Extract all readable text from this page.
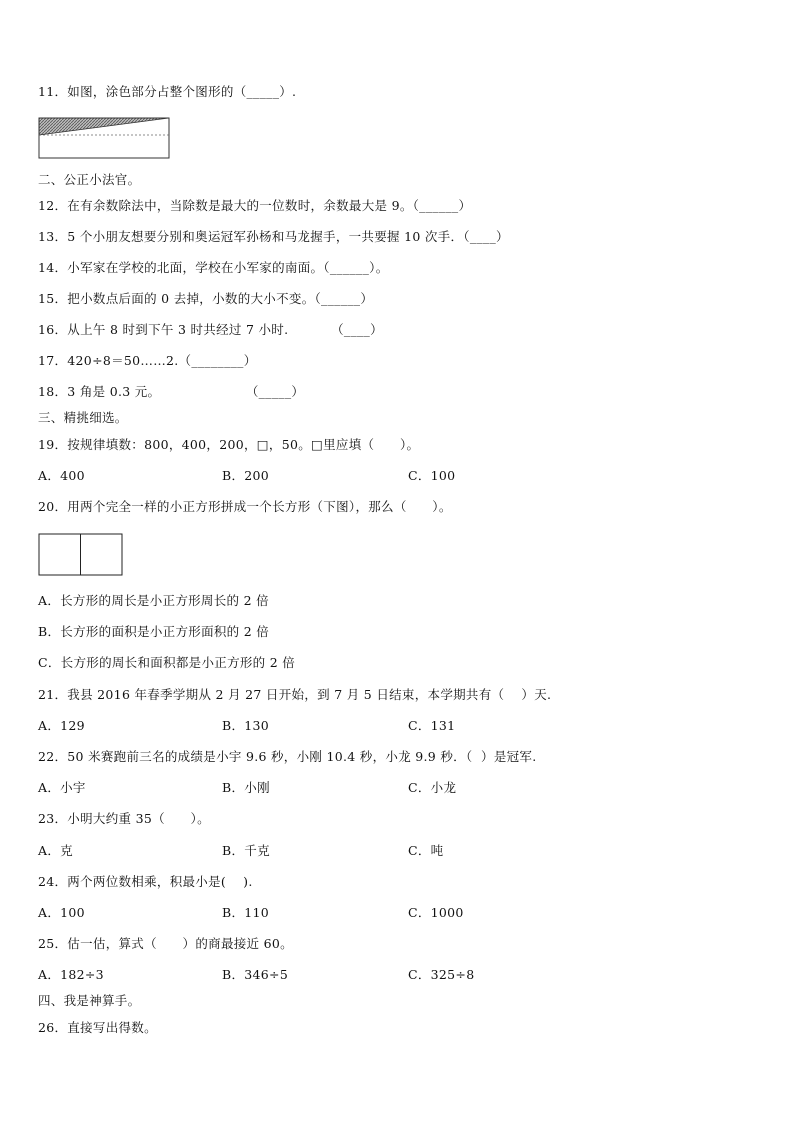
11．如图，涂色部分占整个图形的（_____）.
二、公正小法官。
12．在有余数除法中，当除数是最大的一位数时，余数最大是 9。（______）
13．5 个小朋友想要分别和奥运冠军孙杨和马龙握手，一共要握 10 次手．（____）
14．小军家在学校的北面，学校在小军家的南面。（______）。
15．把小数点后面的 0 去掉，小数的大小不变。（______）
16．从上午 8 时到下午 3 时共经过 7 小时.          （____）
17．420÷8＝50……2.（________）
18．3 角是 0.3 元。                    （_____）
三、精挑细选。
19．按规律填数：800，400，200，□，50。□里应填（      ）。
A．400	B．200	C．100
20．用两个完全一样的小正方形拼成一个长方形（下图），那么（      ）。
A．长方形的周长是小正方形周长的 2 倍
B．长方形的面积是小正方形面积的 2 倍
C．长方形的周长和面积都是小正方形的 2 倍
21．我县 2016 年春季学期从 2 月 27 日开始，到 7 月 5 日结束，本学期共有（    ）天.
A．129	B．130	C．131
22．50 米赛跑前三名的成绩是小宇 9.6 秒，小刚 10.4 秒，小龙 9.9 秒．（  ）是冠军.
A．小宇	B．小刚	C．小龙
23．小明大约重 35（      ）。
A．克	B．千克	C．吨
24．两个两位数相乘，积最小是(    ).
A．100	B．110	C．1000
25．估一估，算式（      ）的商最接近 60。
A．182÷3	B．346÷5	C．325÷8
四、我是神算手。
26．直接写出得数。
